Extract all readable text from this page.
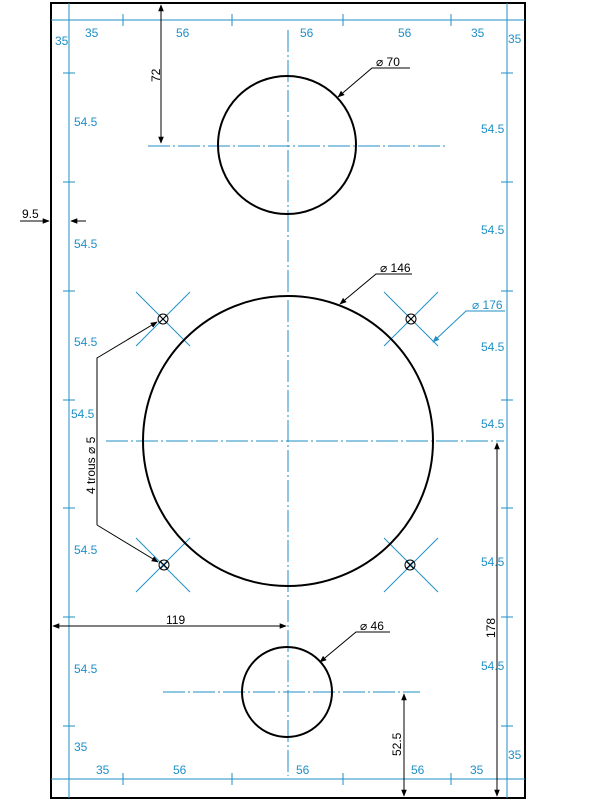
35	56	56	56	35
35	56	56	56	35
35
54.5
54.5
54.5
54.5
54.5
54.5
35
35
54.5
54.5
54.5
54.5
54.5
54.5
35
72
9.5
⌀ 70
⌀ 146
⌀ 176
⌀ 46
4 trous ⌀ 5
119	178
52.5
